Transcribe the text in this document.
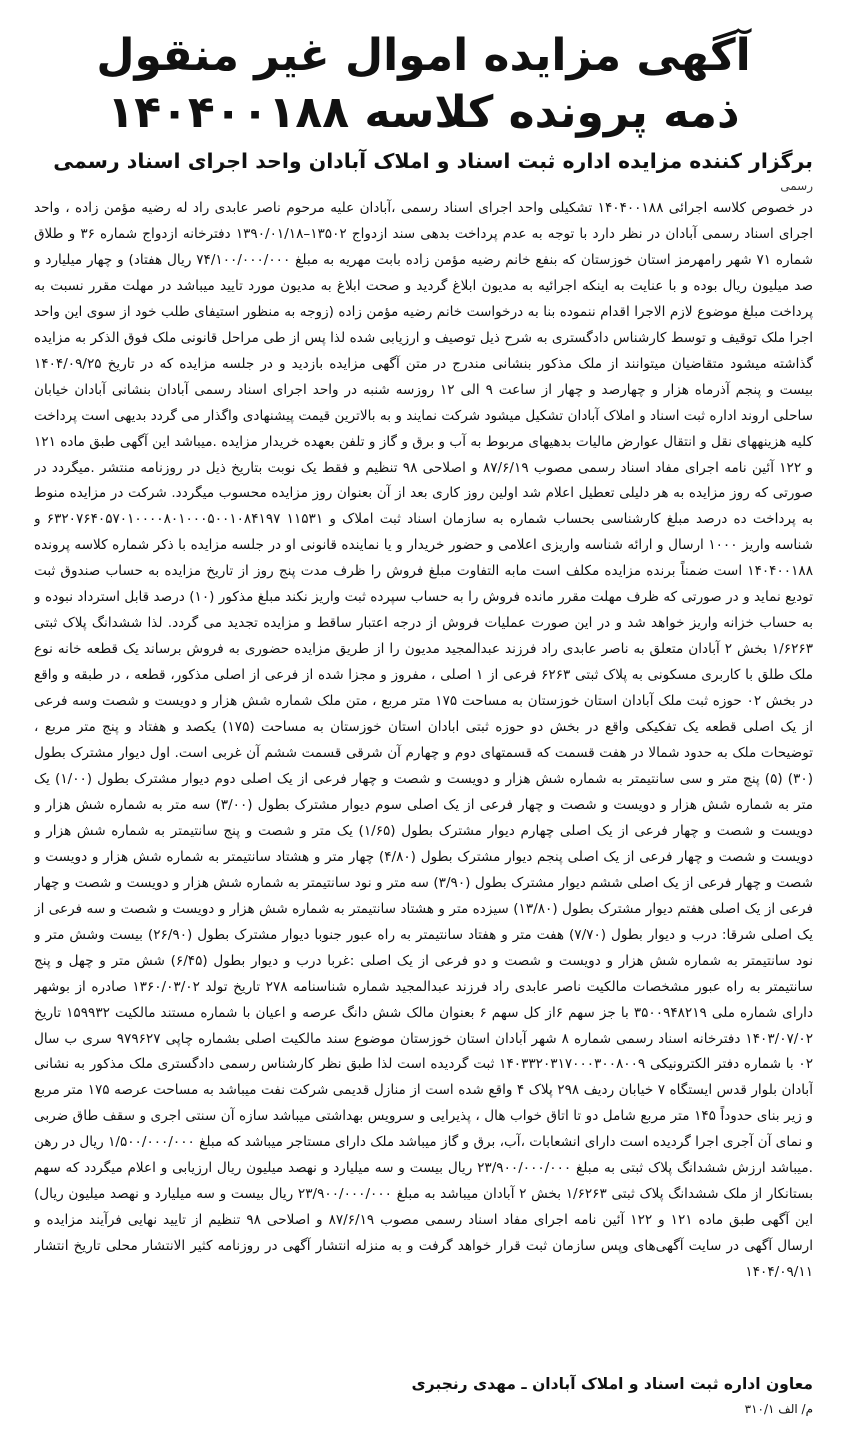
آگهی مزایده اموال غیر منقول
ذمه پرونده کلاسه ۱۴۰۴۰۰۱۸۸

برگزار کننده مزایده اداره ثبت اسناد و املاک آبادان واحد اجرای اسناد رسمی

رسمی

در خصوص کلاسه اجرائی ۱۴۰۴۰۰۱۸۸ تشکیلی واحد اجرای اسناد رسمی ،آبادان علیه مرحوم ناصر عابدی راد له رضیه مؤمن زاده ، واحد اجرای اسناد رسمی آبادان در نظر دارد با توجه به عدم پرداخت بدهی سند ازدواج ۱۳۵۰۲–۱۳۹۰/۰۱/۱۸ دفترخانه ازدواج شماره ۳۶ و طلاق شماره ۷۱ شهر رامهرمز استان خوزستان که بنفع خانم رضیه مؤمن زاده بابت مهریه به مبلغ ۷۴/۱۰۰/۰۰۰/۰۰۰ ریال هفتاد) و چهار میلیارد و صد میلیون ریال بوده و با عنایت به اینکه اجرائیه به مدیون ابلاغ گردید و صحت ابلاغ به مدیون مورد تایید میباشد در مهلت مقرر نسبت به پرداخت مبلغ موضوع لازم الاجرا اقدام ننموده بنا به درخواست خانم رضیه مؤمن زاده (زوجه به منظور استیفای طلب خود از سوی این واحد اجرا ملک توقیف و توسط کارشناس دادگستری به شرح ذیل توصیف و ارزیابی شده لذا پس از طی مراحل قانونی ملک فوق الذکر به مزایده گذاشته میشود متقاضیان میتوانند از ملک مذکور بنشانی مندرج در متن آگهی مزایده بازدید و در جلسه مزایده که در تاریخ ۱۴۰۴/۰۹/۲۵ بیست و پنجم آذرماه هزار و چهارصد و چهار از ساعت ۹ الی ۱۲ روزسه شنبه در واحد اجرای اسناد رسمی آبادان بنشانی آبادان خیابان ساحلی اروند اداره ثبت اسناد و املاک آبادان تشکیل میشود شرکت نمایند و به بالاترین قیمت پیشنهادی واگذار می گردد بدیهی است پرداخت کلیه هزینههای نقل و انتقال عوارض مالیات بدهیهای مربوط به آب و برق و گاز و تلفن بعهده خریدار مزایده .میباشد این آگهی طبق ماده ۱۲۱ و ۱۲۲ آئین نامه اجرای مفاد اسناد رسمی مصوب ۸۷/۶/۱۹ و اصلاحی ۹۸ تنظیم و فقط یک نوبت بتاریخ ذیل در روزنامه منتشر .میگردد در صورتی که روز مزایده به هر دلیلی تعطیل اعلام شد اولین روز کاری بعد از آن بعنوان روز مزایده محسوب میگردد. شرکت در مزایده منوط به پرداخت ده درصد مبلغ کارشناسی بحساب شماره به سازمان اسناد ثبت املاک و ۱۱۵۳۱ ۶۳۲۰۷۶۴۰۵۷۰۱۰۰۰۰۸۰۱۰۰۰۵۰۰۱۰۸۴۱۹۷ و شناسه واریز ۱۰۰۰ ارسال و ارائه شناسه واریزی اعلامی و حضور خریدار و یا نماینده قانونی او در جلسه مزایده با ذکر شماره کلاسه پرونده ۱۴۰۴۰۰۱۸۸ است ضمناً برنده مزایده مکلف است مابه التفاوت مبلغ فروش را ظرف مدت پنج روز از تاریخ مزایده به حساب صندوق ثبت تودیع نماید و در صورتی که ظرف مهلت مقرر مانده فروش را به حساب سپرده ثبت واریز نکند مبلغ مذکور (۱۰) درصد قابل استرداد نبوده و به حساب خزانه واریز خواهد شد و در این صورت عملیات فروش از درجه اعتبار ساقط و مزایده تجدید می گردد. لذا ششدانگ پلاک ثبتی ۱/۶۲۶۳ بخش ۲ آبادان متعلق به ناصر عابدی راد فرزند عبدالمجید مدیون را از طریق مزایده حضوری به فروش برساند یک قطعه خانه نوع ملک طلق با کاربری مسکونی به پلاک ثبتی ۶۲۶۳ فرعی از ۱ اصلی ، مفروز و مجزا شده از فرعی از اصلی مذکور، قطعه ، در طبقه و واقع در بخش ۰۲ حوزه ثبت ملک آبادان استان خوزستان به مساحت ۱۷۵ متر مربع ، متن ملک شماره شش هزار و دویست و شصت وسه فرعی از یک اصلی قطعه یک تفکیکی واقع در بخش دو حوزه ثبتی ابادان استان خوزستان به مساحت (۱۷۵) یکصد و هفتاد و پنج متر مربع ، توضیحات ملک به حدود شمالا در هفت قسمت که قسمتهای دوم و چهارم آن شرقی قسمت ششم آن غربی است. اول دیوار مشترک بطول (۳۰) (۵) پنج متر و سی سانتیمتر به شماره شش هزار و دویست و شصت و چهار فرعی از یک اصلی دوم دیوار مشترک بطول (۱/۰۰) یک متر به شماره شش هزار و دویست و شصت و چهار فرعی از یک اصلی سوم دیوار مشترک بطول (۳/۰۰) سه متر به شماره شش هزار و دویست و شصت و چهار فرعی از یک اصلی چهارم دیوار مشترک بطول (۱/۶۵) یک متر و شصت و پنج سانتیمتر به شماره شش هزار و دویست و شصت و چهار فرعی از یک اصلی پنجم دیوار مشترک بطول (۴/۸۰) چهار متر و هشتاد سانتیمتر به شماره شش هزار و دویست و شصت و چهار فرعی از یک اصلی ششم دیوار مشترک بطول (۳/۹۰) سه متر و نود سانتیمتر به شماره شش هزار و دویست و شصت و چهار فرعی از یک اصلی هفتم دیوار مشترک بطول (۱۳/۸۰) سیزده متر و هشتاد سانتیمتر به شماره شش هزار و دویست و شصت و سه فرعی از یک اصلی شرقا: درب و دیوار بطول (۷/۷۰) هفت متر و هفتاد سانتیمتر به راه عبور جنوبا دیوار مشترک بطول (۲۶/۹۰) بیست وشش متر و نود سانتیمتر به شماره شش هزار و دویست و شصت و دو فرعی از یک اصلی :غربا درب و دیوار بطول (۶/۴۵) شش متر و چهل و پنج سانتیمتر به راه عبور مشخصات مالکیت ناصر عابدی راد فرزند عبدالمجید شماره شناسنامه ۲۷۸ تاریخ تولد ۱۳۶۰/۰۳/۰۲ صادره از بوشهر دارای شماره ملی ۳۵۰۰۹۴۸۲۱۹ با جز سهم ۶از کل سهم ۶ بعنوان مالک شش دانگ عرصه و اعیان با شماره مستند مالکیت ۱۵۹۹۳۲ تاریخ ۱۴۰۳/۰۷/۰۲ دفترخانه اسناد رسمی شماره ۸ شهر آبادان استان خوزستان موضوع سند مالکیت اصلی بشماره چاپی ۹۷۹۶۲۷ سری ب سال ۰۲ با شماره دفتر الکترونیکی ۱۴۰۳۳۲۰۳۱۷۰۰۰۳۰۰۸۰۰۹ ثبت گردیده است لذا طبق نظر کارشناس رسمی دادگستری ملک مذکور به نشانی آبادان بلوار قدس ایستگاه ۷ خیابان ردیف ۲۹۸ پلاک ۴ واقع شده است از منازل قدیمی شرکت نفت میباشد به مساحت عرصه ۱۷۵ متر مربع و زیر بنای حدوداً ۱۴۵ متر مربع شامل دو تا اتاق خواب هال ، پذیرایی و سرویس بهداشتی میباشد سازه آن سنتی اجری و سقف طاق ضربی و نمای آن آجری اجرا گردیده است دارای انشعابات ،آب، برق و گاز میباشد ملک دارای مستاجر میباشد که مبلغ ۱/۵۰۰/۰۰۰/۰۰۰ ریال در رهن .میباشد ارزش ششدانگ پلاک ثبتی به مبلغ ۲۳/۹۰۰/۰۰۰/۰۰۰ ریال بیست و سه میلیارد و نهصد میلیون ریال ارزیابی و اعلام میگردد که سهم بستانکار از ملک ششدانگ پلاک ثبتی ۱/۶۲۶۳ بخش ۲ آبادان میباشد به مبلغ ۲۳/۹۰۰/۰۰۰/۰۰۰ ریال بیست و سه میلیارد و نهصد میلیون ریال) این آگهی طبق ماده ۱۲۱ و ۱۲۲ آئین نامه اجرای مفاد اسناد رسمی مصوب ۸۷/۶/۱۹ و اصلاحی ۹۸ تنظیم از تایید نهایی فرآیند مزایده و ارسال آگهی در سایت آگهی‌های وپس سازمان ثبت قرار خواهد گرفت و به منزله انتشار آگهی در روزنامه کثیر الانتشار محلی تاریخ انتشار ۱۴۰۴/۰۹/۱۱

معاون اداره ثبت اسناد و املاک آبادان ـ مهدی رنجبری

م/ الف ۳۱۰/۱
